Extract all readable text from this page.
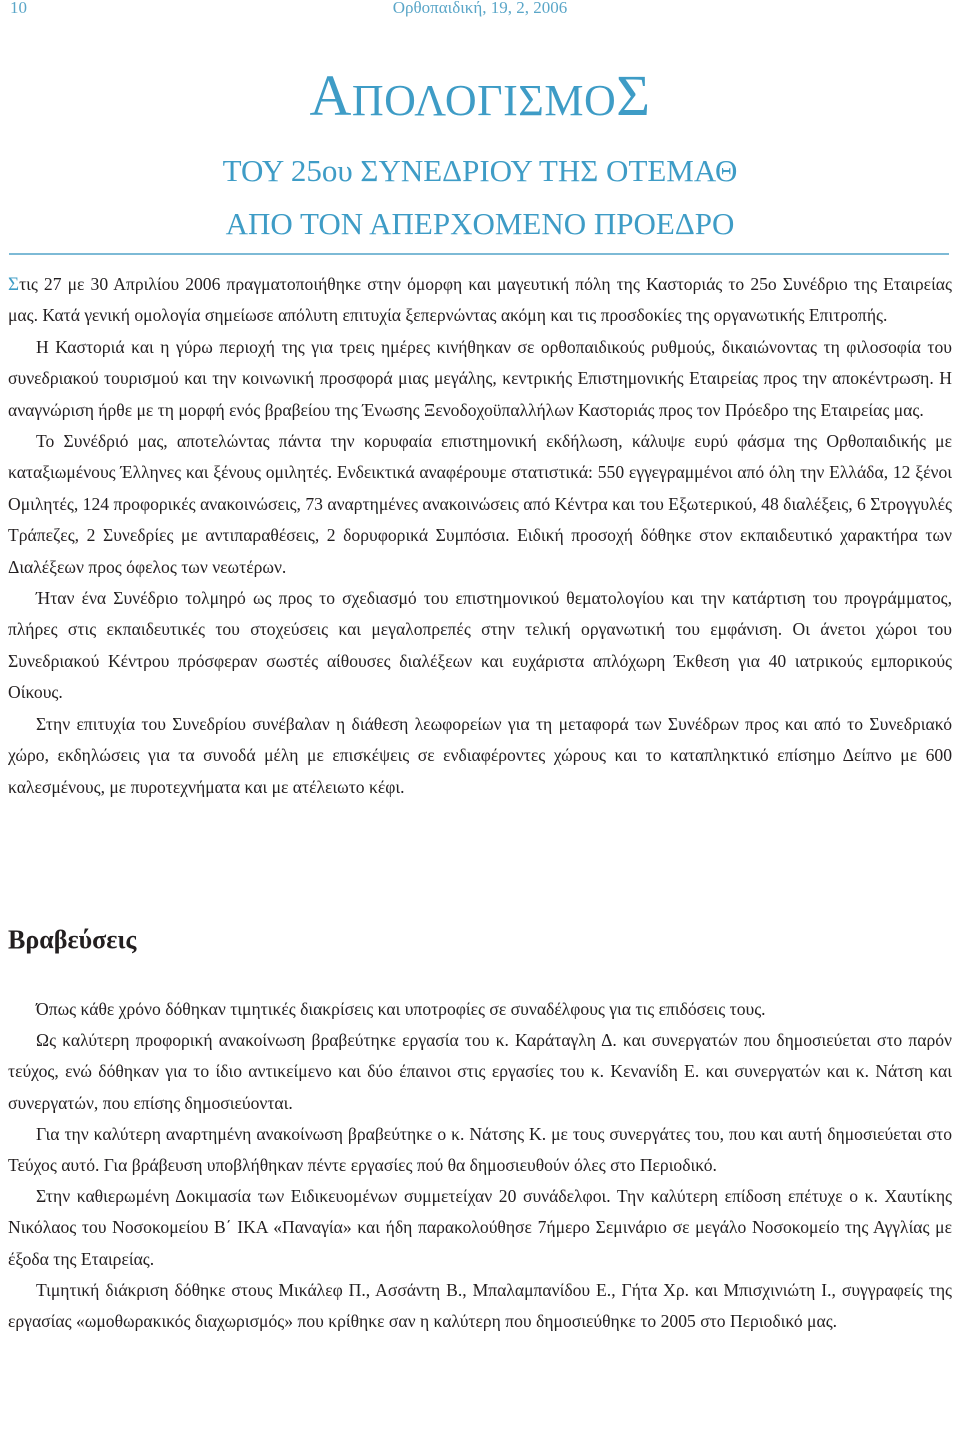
10	Ορθοπαιδική, 19, 2, 2006
ΑΠΟΛΟΓΙΣΜΟΣ
ΤΟΥ 25ου ΣΥΝΕΔΡΙΟΥ ΤΗΣ ΟΤΕΜΑΘ
ΑΠΟ ΤΟΝ ΑΠΕΡΧΟΜΕΝΟ ΠΡΟΕΔΡΟ

Στις 27 με 30 Απριλίου 2006 πραγματοποιήθηκε στην όμορφη και μαγευτική πόλη της Καστοριάς το 25ο Συνέδριο της Εταιρείας μας. Κατά γενική ομολογία σημείωσε απόλυτη επιτυχία ξεπερνώντας ακόμη και τις προσδοκίες της οργανωτικής Επιτροπής.

Η Καστοριά και η γύρω περιοχή της για τρεις ημέρες κινήθηκαν σε ορθοπαιδικούς ρυθμούς, δικαιώνοντας τη φιλοσοφία του συνεδριακού τουρισμού και την κοινωνική προσφορά μιας μεγάλης, κεντρικής Επιστημονικής Εταιρείας προς την αποκέντρωση. Η αναγνώριση ήρθε με τη μορφή ενός βραβείου της Ένωσης Ξενοδοχοϋπαλλήλων Καστοριάς προς τον Πρόεδρο της Εταιρείας μας.

Το Συνέδριό μας, αποτελώντας πάντα την κορυφαία επιστημονική εκδήλωση, κάλυψε ευρύ φάσμα της Ορθοπαιδικής με καταξιωμένους Έλληνες και ξένους ομιλητές. Ενδεικτικά αναφέρουμε στατιστικά: 550 εγγεγραμμένοι από όλη την Ελλάδα, 12 ξένοι Ομιλητές, 124 προφορικές ανακοινώσεις, 73 αναρτημένες ανακοινώσεις από Κέντρα και του Εξωτερικού, 48 διαλέξεις, 6 Στρογγυλές Τράπεζες, 2 Συνεδρίες με αντιπαραθέσεις, 2 δορυφορικά Συμπόσια. Ειδική προσοχή δόθηκε στον εκπαιδευτικό χαρακτήρα των Διαλέξεων προς όφελος των νεωτέρων.

Ήταν ένα Συνέδριο τολμηρό ως προς το σχεδιασμό του επιστημονικού θεματολογίου και την κατάρτιση του προγράμματος, πλήρες στις εκπαιδευτικές του στοχεύσεις και μεγαλοπρεπές στην τελική οργανωτική του εμφάνιση. Οι άνετοι χώροι του Συνεδριακού Κέντρου πρόσφεραν σωστές αίθουσες διαλέξεων και ευχάριστα απλόχωρη Έκθεση για 40 ιατρικούς εμπορικούς Οίκους.

Στην επιτυχία του Συνεδρίου συνέβαλαν η διάθεση λεωφορείων για τη μεταφορά των Συνέδρων προς και από το Συνεδριακό χώρο, εκδηλώσεις για τα συνοδά μέλη με επισκέψεις σε ενδιαφέροντες χώρους και το καταπληκτικό επίσημο Δείπνο με 600 καλεσμένους, με πυροτεχνήματα και με ατέλειωτο κέφι.

Βραβεύσεις

Όπως κάθε χρόνο δόθηκαν τιμητικές διακρίσεις και υποτροφίες σε συναδέλφους για τις επιδόσεις τους.

Ως καλύτερη προφορική ανακοίνωση βραβεύτηκε εργασία του κ. Καράταγλη Δ. και συνεργατών που δημοσιεύεται στο παρόν τεύχος, ενώ δόθηκαν για το ίδιο αντικείμενο και δύο έπαινοι στις εργασίες του κ. Κενανίδη Ε. και συνεργατών και κ. Νάτση και συνεργατών, που επίσης δημοσιεύονται.

Για την καλύτερη αναρτημένη ανακοίνωση βραβεύτηκε ο κ. Νάτσης Κ. με τους συνεργάτες του, που και αυτή δημοσιεύεται στο Τεύχος αυτό. Για βράβευση υποβλήθηκαν πέντε εργασίες πού θα δημοσιευθούν όλες στο Περιοδικό.

Στην καθιερωμένη Δοκιμασία των Ειδικευομένων συμμετείχαν 20 συνάδελφοι. Την καλύτερη επίδοση επέτυχε ο κ. Χαυτίκης Νικόλαος του Νοσοκομείου Β΄ ΙΚΑ «Παναγία» και ήδη παρακολούθησε 7ήμερο Σεμινάριο σε μεγάλο Νοσοκομείο της Αγγλίας με έξοδα της Εταιρείας.

Τιμητική διάκριση δόθηκε στους Μικάλεφ Π., Ασσάντη Β., Μπαλαμπανίδου Ε., Γήτα Χρ. και Μπισχινιώτη Ι., συγγραφείς της εργασίας «ωμοθωρακικός διαχωρισμός» που κρίθηκε σαν η καλύτερη που δημοσιεύθηκε το 2005 στο Περιοδικό μας.
